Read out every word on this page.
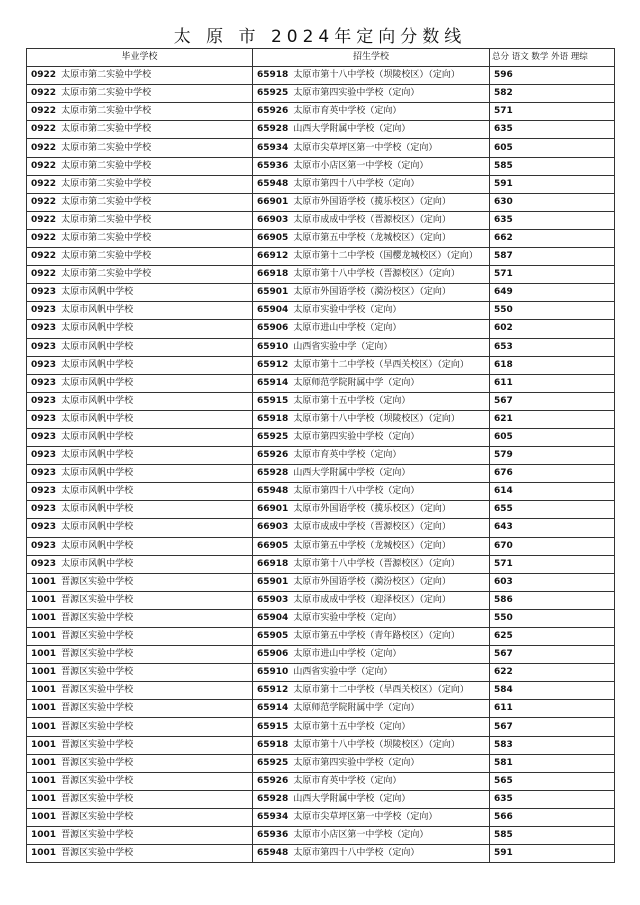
太 原 市 2024年定向分数线
毕业学校	招生学校	总分 语文 数学 外语 理综
0922 太原市第二实验中学校	65918 太原市第十八中学校（坝陵校区）（定向）	596
0922 太原市第二实验中学校	65925 太原市第四实验中学校（定向）	582
0922 太原市第二实验中学校	65926 太原市育英中学校（定向）	571
0922 太原市第二实验中学校	65928 山西大学附属中学校（定向）	635
0922 太原市第二实验中学校	65934 太原市尖草坪区第一中学校（定向）	605
0922 太原市第二实验中学校	65936 太原市小店区第一中学校（定向）	585
0922 太原市第二实验中学校	65948 太原市第四十八中学校（定向）	591
0922 太原市第二实验中学校	66901 太原市外国语学校（揽乐校区）（定向）	630
0922 太原市第二实验中学校	66903 太原市成成中学校（晋源校区）（定向）	635
0922 太原市第二实验中学校	66905 太原市第五中学校（龙城校区）（定向）	662
0922 太原市第二实验中学校	66912 太原市第十二中学校（国樱龙城校区）（定向）	587
0922 太原市第二实验中学校	66918 太原市第十八中学校（晋源校区）（定向）	571
0923 太原市风帆中学校	65901 太原市外国语学校（漪汾校区）（定向）	649
0923 太原市风帆中学校	65904 太原市实验中学校（定向）	550
0923 太原市风帆中学校	65906 太原市进山中学校（定向）	602
0923 太原市风帆中学校	65910 山西省实验中学（定向）	653
0923 太原市风帆中学校	65912 太原市第十二中学校（旱西关校区）（定向）	618
0923 太原市风帆中学校	65914 太原师范学院附属中学（定向）	611
0923 太原市风帆中学校	65915 太原市第十五中学校（定向）	567
0923 太原市风帆中学校	65918 太原市第十八中学校（坝陵校区）（定向）	621
0923 太原市风帆中学校	65925 太原市第四实验中学校（定向）	605
0923 太原市风帆中学校	65926 太原市育英中学校（定向）	579
0923 太原市风帆中学校	65928 山西大学附属中学校（定向）	676
0923 太原市风帆中学校	65948 太原市第四十八中学校（定向）	614
0923 太原市风帆中学校	66901 太原市外国语学校（揽乐校区）（定向）	655
0923 太原市风帆中学校	66903 太原市成成中学校（晋源校区）（定向）	643
0923 太原市风帆中学校	66905 太原市第五中学校（龙城校区）（定向）	670
0923 太原市风帆中学校	66918 太原市第十八中学校（晋源校区）（定向）	571
1001 晋源区实验中学校	65901 太原市外国语学校（漪汾校区）（定向）	603
1001 晋源区实验中学校	65903 太原市成成中学校（迎泽校区）（定向）	586
1001 晋源区实验中学校	65904 太原市实验中学校（定向）	550
1001 晋源区实验中学校	65905 太原市第五中学校（青年路校区）（定向）	625
1001 晋源区实验中学校	65906 太原市进山中学校（定向）	567
1001 晋源区实验中学校	65910 山西省实验中学（定向）	622
1001 晋源区实验中学校	65912 太原市第十二中学校（旱西关校区）（定向）	584
1001 晋源区实验中学校	65914 太原师范学院附属中学（定向）	611
1001 晋源区实验中学校	65915 太原市第十五中学校（定向）	567
1001 晋源区实验中学校	65918 太原市第十八中学校（坝陵校区）（定向）	583
1001 晋源区实验中学校	65925 太原市第四实验中学校（定向）	581
1001 晋源区实验中学校	65926 太原市育英中学校（定向）	565
1001 晋源区实验中学校	65928 山西大学附属中学校（定向）	635
1001 晋源区实验中学校	65934 太原市尖草坪区第一中学校（定向）	566
1001 晋源区实验中学校	65936 太原市小店区第一中学校（定向）	585
1001 晋源区实验中学校	65948 太原市第四十八中学校（定向）	591
